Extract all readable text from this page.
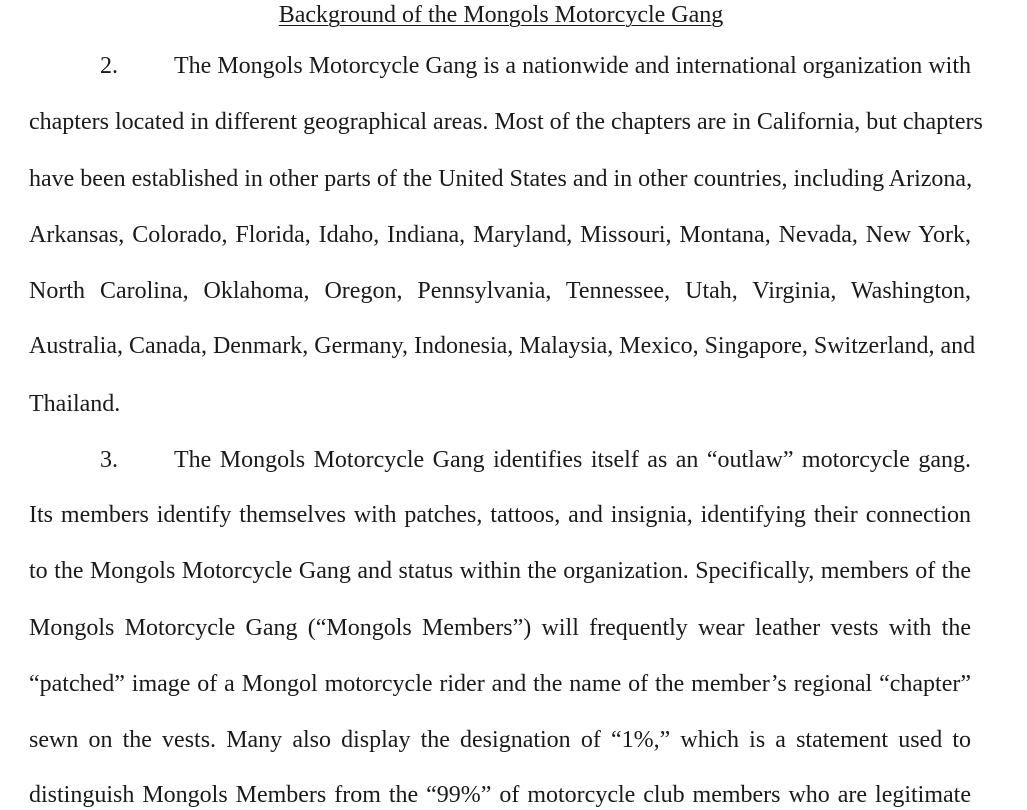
Background of the Mongols Motorcycle Gang
2. The Mongols Motorcycle Gang is a nationwide and international organization with
chapters located in different geographical areas. Most of the chapters are in California, but chapters
have been established in other parts of the United States and in other countries, including Arizona,
Arkansas, Colorado, Florida, Idaho, Indiana, Maryland, Missouri, Montana, Nevada, New York,
North Carolina, Oklahoma, Oregon, Pennsylvania, Tennessee, Utah, Virginia, Washington,
Australia, Canada, Denmark, Germany, Indonesia, Malaysia, Mexico, Singapore, Switzerland, and
Thailand.
3. The Mongols Motorcycle Gang identifies itself as an “outlaw” motorcycle gang.
Its members identify themselves with patches, tattoos, and insignia, identifying their connection
to the Mongols Motorcycle Gang and status within the organization. Specifically, members of the
Mongols Motorcycle Gang (“Mongols Members”) will frequently wear leather vests with the
“patched” image of a Mongol motorcycle rider and the name of the member’s regional “chapter”
sewn on the vests. Many also display the designation of “1%,” which is a statement used to
distinguish Mongols Members from the “99%” of motorcycle club members who are legitimate
